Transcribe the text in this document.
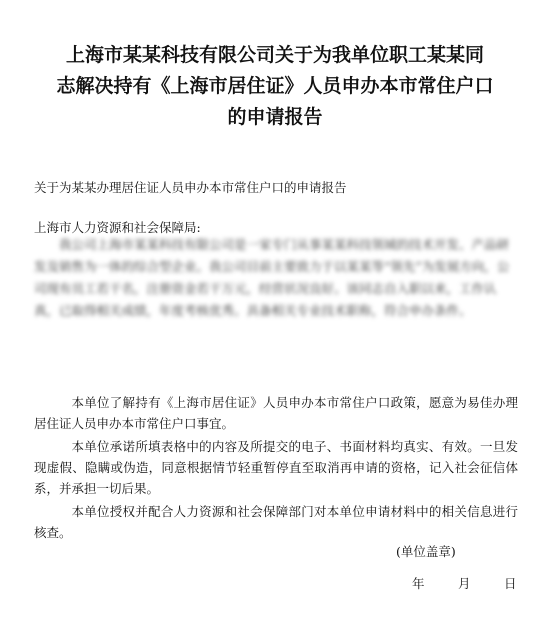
上海市某某科技有限公司关于为我单位职工某某同
志解决持有《上海市居住证》人员申办本市常住户口
的申请报告
关于为某某办理居住证人员申办本市常住户口的申请报告
上海市人力资源和社会保障局:
我公司上海市某某科技有限公司是一家专门从事某某科技领域的技术开发、产品研发及销售为一体的综合型企业。我公司目前主要致力于以某某等“领先”为发展方向，公司现有员工若干名，注册资金若干万元，经营状况良好。该同志自入职以来，工作认真，已取得相关成绩，年度考核优秀。具备相关专业技术职称，符合申办条件。

本单位了解持有《上海市居住证》人员申办本市常住户口政策，愿意为易佳办理居住证人员申办本市常住户口事宜。

本单位承诺所填表格中的内容及所提交的电子、书面材料均真实、有效。一旦发现虚假、隐瞒或伪造，同意根据情节轻重暂停直至取消再申请的资格，记入社会征信体系，并承担一切后果。

本单位授权并配合人力资源和社会保障部门对本单位申请材料中的相关信息进行核查。

(单位盖章)
年	月	日
